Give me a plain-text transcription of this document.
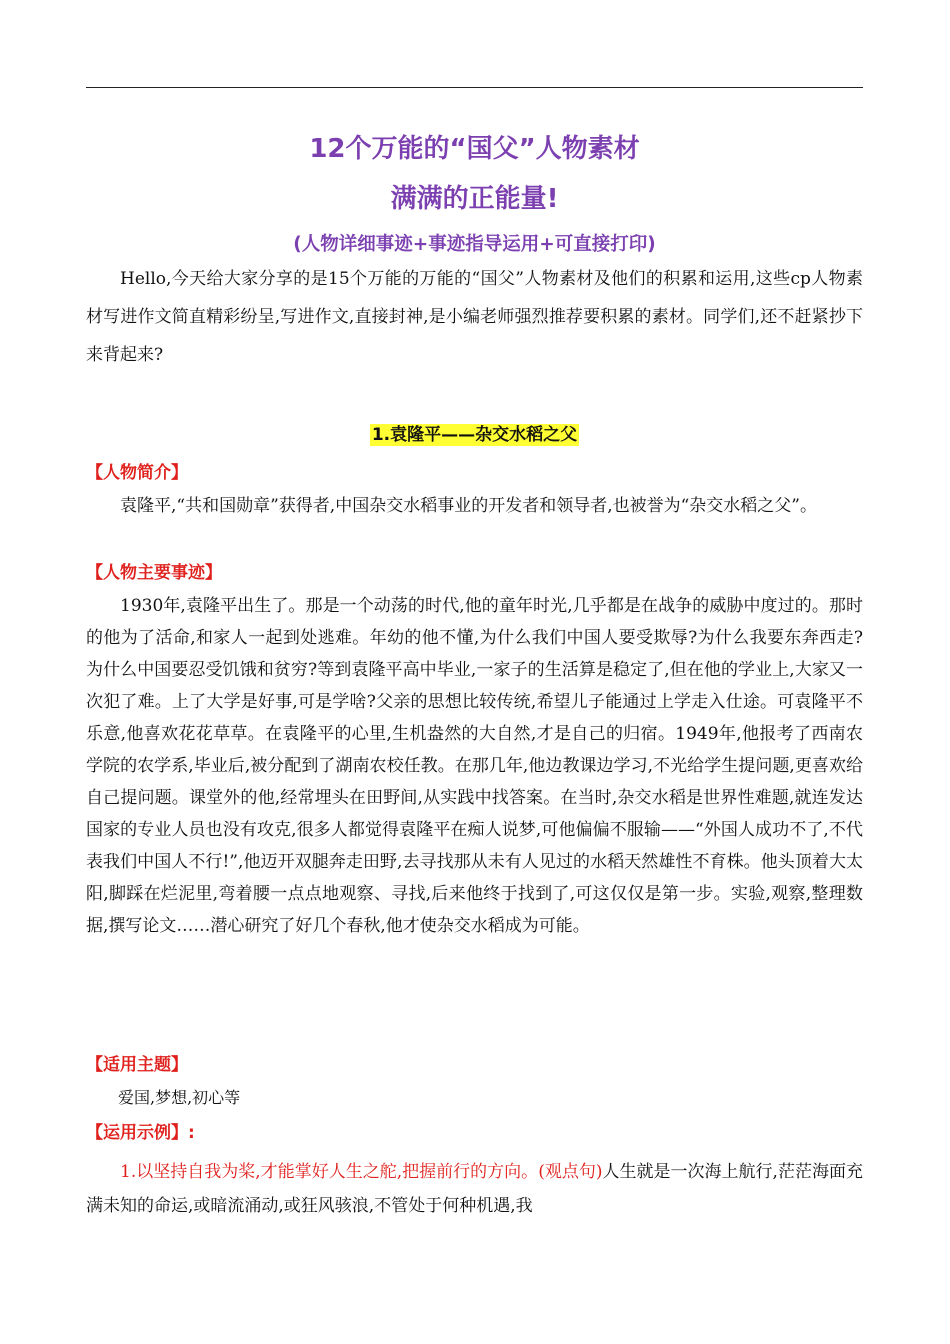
12个万能的“国父”人物素材
满满的正能量!
(人物详细事迹+事迹指导运用+可直接打印)
Hello,今天给大家分享的是15个万能的万能的“国父”人物素材及他们的积累和运用,这些cp人物素材写进作文简直精彩纷呈,写进作文,直接封神,是小编老师强烈推荐要积累的素材。同学们,还不赶紧抄下来背起来?
1.袁隆平——杂交水稻之父
【人物简介】
袁隆平,“共和国勋章”获得者,中国杂交水稻事业的开发者和领导者,也被誉为“杂交水稻之父”。
【人物主要事迹】
1930年,袁隆平出生了。那是一个动荡的时代,他的童年时光,几乎都是在战争的威胁中度过的。那时的他为了活命,和家人一起到处逃难。年幼的他不懂,为什么我们中国人要受欺辱?为什么我要东奔西走?为什么中国要忍受饥饿和贫穷?等到袁隆平高中毕业,一家子的生活算是稳定了,但在他的学业上,大家又一次犯了难。上了大学是好事,可是学啥?父亲的思想比较传统,希望儿子能通过上学走入仕途。可袁隆平不乐意,他喜欢花花草草。在袁隆平的心里,生机盎然的大自然,才是自己的归宿。1949年,他报考了西南农学院的农学系,毕业后,被分配到了湖南农校任教。在那几年,他边教课边学习,不光给学生提问题,更喜欢给自己提问题。课堂外的他,经常埋头在田野间,从实践中找答案。在当时,杂交水稻是世界性难题,就连发达国家的专业人员也没有攻克,很多人都觉得袁隆平在痴人说梦,可他偏偏不服输——“外国人成功不了,不代表我们中国人不行!”,他迈开双腿奔走田野,去寻找那从未有人见过的水稻天然雄性不育株。他头顶着大太阳,脚踩在烂泥里,弯着腰一点点地观察、寻找,后来他终于找到了,可这仅仅是第一步。实验,观察,整理数据,撰写论文……潜心研究了好几个春秋,他才使杂交水稻成为可能。
【适用主题】
爱国,梦想,初心等
【运用示例】:
1.以坚持自我为桨,才能掌好人生之舵,把握前行的方向。(观点句)人生就是一次海上航行,茫茫海面充满未知的命运,或暗流涌动,或狂风骇浪,不管处于何种机遇,我
